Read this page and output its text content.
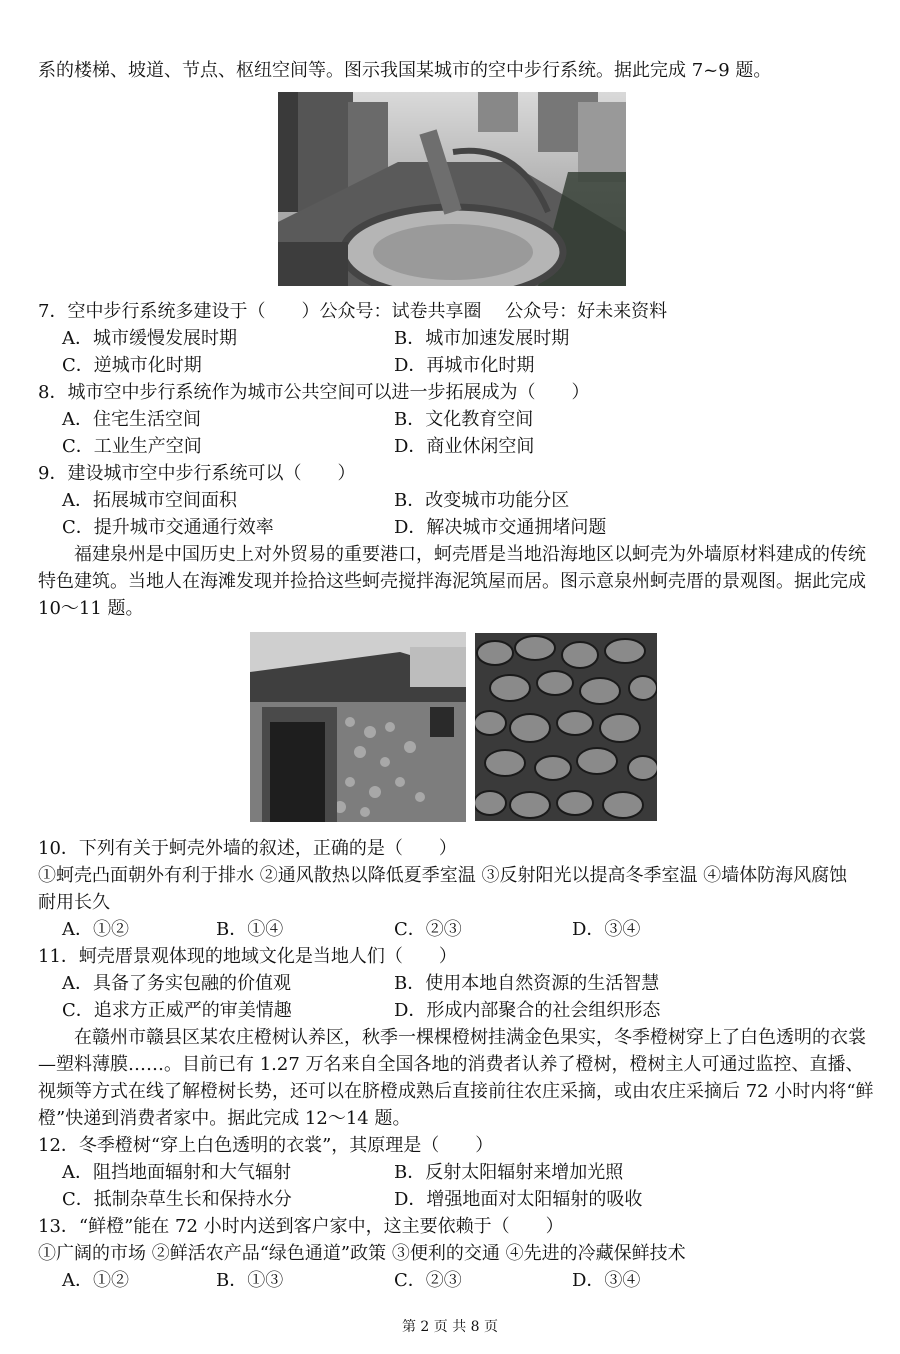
系的楼梯、坡道、节点、枢纽空间等。图示我国某城市的空中步行系统。据此完成 7~9 题。
7．空中步行系统多建设于（　　）公众号：试卷共享圈　 公众号：好未来资料
A．城市缓慢发展时期	B．城市加速发展时期
C．逆城市化时期	D．再城市化时期
8．城市空中步行系统作为城市公共空间可以进一步拓展成为（　　）
A．住宅生活空间	B．文化教育空间
C．工业生产空间	D．商业休闲空间
9．建设城市空中步行系统可以（　　）
A．拓展城市空间面积	B．改变城市功能分区
C．提升城市交通通行效率	D．解决城市交通拥堵问题
福建泉州是中国历史上对外贸易的重要港口，蚵壳厝是当地沿海地区以蚵壳为外墙原材料建成的传统
特色建筑。当地人在海滩发现并捡拾这些蚵壳搅拌海泥筑屋而居。图示意泉州蚵壳厝的景观图。据此完成
10～11 题。
10．下列有关于蚵壳外墙的叙述，正确的是（　　）
①蚵壳凸面朝外有利于排水 ②通风散热以降低夏季室温 ③反射阳光以提高冬季室温 ④墙体防海风腐蚀
耐用长久
A．①②	B．①④	C．②③	D．③④
11．蚵壳厝景观体现的地域文化是当地人们（　　）
A．具备了务实包融的价值观	B．使用本地自然资源的生活智慧
C．追求方正威严的审美情趣	D．形成内部聚合的社会组织形态
在赣州市赣县区某农庄橙树认养区，秋季一棵棵橙树挂满金色果实，冬季橙树穿上了白色透明的衣裳
—塑料薄膜……。目前已有 1.27 万名来自全国各地的消费者认养了橙树，橙树主人可通过监控、直播、
视频等方式在线了解橙树长势，还可以在脐橙成熟后直接前往农庄采摘，或由农庄采摘后 72 小时内将“鲜
橙”快递到消费者家中。据此完成 12～14 题。
12．冬季橙树“穿上白色透明的衣裳”，其原理是（　　）
A．阻挡地面辐射和大气辐射	B．反射太阳辐射来增加光照
C．抵制杂草生长和保持水分	D．增强地面对太阳辐射的吸收
13．“鲜橙”能在 72 小时内送到客户家中，这主要依赖于（　　）
①广阔的市场 ②鲜活农产品“绿色通道”政策 ③便利的交通 ④先进的冷藏保鲜技术
A．①②	B．①③	C．②③	D．③④
第 2 页 共 8 页
